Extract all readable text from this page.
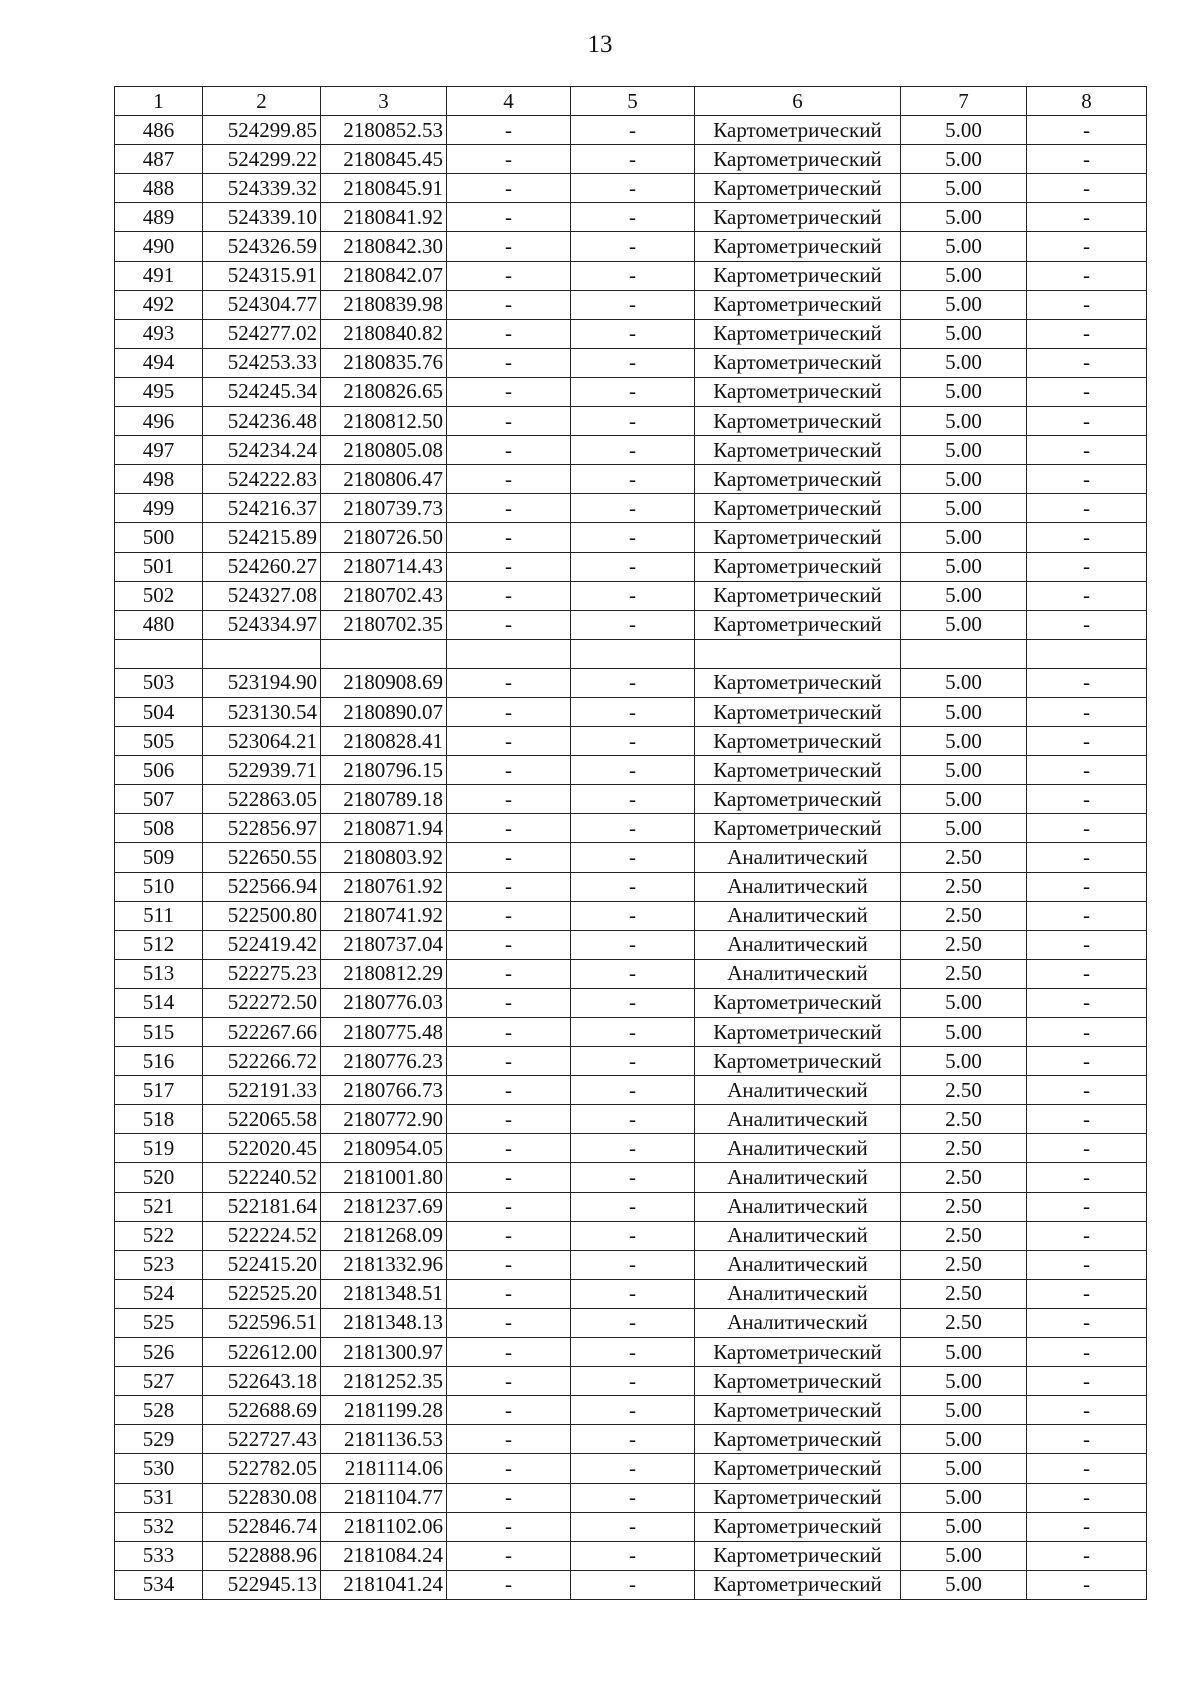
13
1	2	3	4	5	6	7	8
486	524299.85	2180852.53	-	-	Картометрический	5.00	-
487	524299.22	2180845.45	-	-	Картометрический	5.00	-
488	524339.32	2180845.91	-	-	Картометрический	5.00	-
489	524339.10	2180841.92	-	-	Картометрический	5.00	-
490	524326.59	2180842.30	-	-	Картометрический	5.00	-
491	524315.91	2180842.07	-	-	Картометрический	5.00	-
492	524304.77	2180839.98	-	-	Картометрический	5.00	-
493	524277.02	2180840.82	-	-	Картометрический	5.00	-
494	524253.33	2180835.76	-	-	Картометрический	5.00	-
495	524245.34	2180826.65	-	-	Картометрический	5.00	-
496	524236.48	2180812.50	-	-	Картометрический	5.00	-
497	524234.24	2180805.08	-	-	Картометрический	5.00	-
498	524222.83	2180806.47	-	-	Картометрический	5.00	-
499	524216.37	2180739.73	-	-	Картометрический	5.00	-
500	524215.89	2180726.50	-	-	Картометрический	5.00	-
501	524260.27	2180714.43	-	-	Картометрический	5.00	-
502	524327.08	2180702.43	-	-	Картометрический	5.00	-
480	524334.97	2180702.35	-	-	Картометрический	5.00	-

503	523194.90	2180908.69	-	-	Картометрический	5.00	-
504	523130.54	2180890.07	-	-	Картометрический	5.00	-
505	523064.21	2180828.41	-	-	Картометрический	5.00	-
506	522939.71	2180796.15	-	-	Картометрический	5.00	-
507	522863.05	2180789.18	-	-	Картометрический	5.00	-
508	522856.97	2180871.94	-	-	Картометрический	5.00	-
509	522650.55	2180803.92	-	-	Аналитический	2.50	-
510	522566.94	2180761.92	-	-	Аналитический	2.50	-
511	522500.80	2180741.92	-	-	Аналитический	2.50	-
512	522419.42	2180737.04	-	-	Аналитический	2.50	-
513	522275.23	2180812.29	-	-	Аналитический	2.50	-
514	522272.50	2180776.03	-	-	Картометрический	5.00	-
515	522267.66	2180775.48	-	-	Картометрический	5.00	-
516	522266.72	2180776.23	-	-	Картометрический	5.00	-
517	522191.33	2180766.73	-	-	Аналитический	2.50	-
518	522065.58	2180772.90	-	-	Аналитический	2.50	-
519	522020.45	2180954.05	-	-	Аналитический	2.50	-
520	522240.52	2181001.80	-	-	Аналитический	2.50	-
521	522181.64	2181237.69	-	-	Аналитический	2.50	-
522	522224.52	2181268.09	-	-	Аналитический	2.50	-
523	522415.20	2181332.96	-	-	Аналитический	2.50	-
524	522525.20	2181348.51	-	-	Аналитический	2.50	-
525	522596.51	2181348.13	-	-	Аналитический	2.50	-
526	522612.00	2181300.97	-	-	Картометрический	5.00	-
527	522643.18	2181252.35	-	-	Картометрический	5.00	-
528	522688.69	2181199.28	-	-	Картометрический	5.00	-
529	522727.43	2181136.53	-	-	Картометрический	5.00	-
530	522782.05	2181114.06	-	-	Картометрический	5.00	-
531	522830.08	2181104.77	-	-	Картометрический	5.00	-
532	522846.74	2181102.06	-	-	Картометрический	5.00	-
533	522888.96	2181084.24	-	-	Картометрический	5.00	-
534	522945.13	2181041.24	-	-	Картометрический	5.00	-
